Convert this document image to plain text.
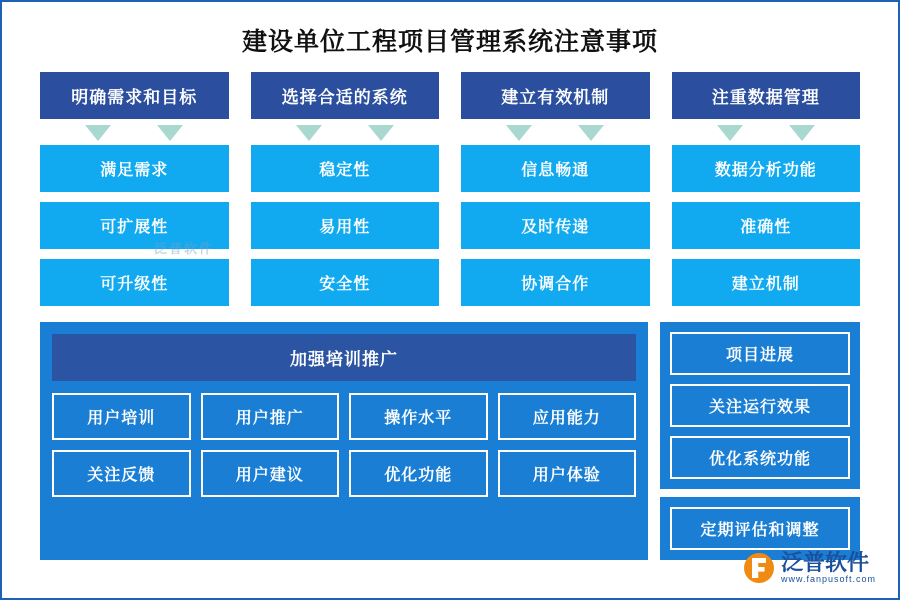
建设单位工程项目管理系统注意事项
明确需求和目标
满足需求
可扩展性
可升级性
选择合适的系统
稳定性
易用性
安全性
建立有效机制
信息畅通
及时传递
协调合作
注重数据管理
数据分析功能
准确性
建立机制
加强培训推广
用户培训	用户推广	操作水平	应用能力
关注反馈	用户建议	优化功能	用户体验
项目进展
关注运行效果
优化系统功能
定期评估和调整
泛普软件
泛普软件
www.fanpusoft.com
